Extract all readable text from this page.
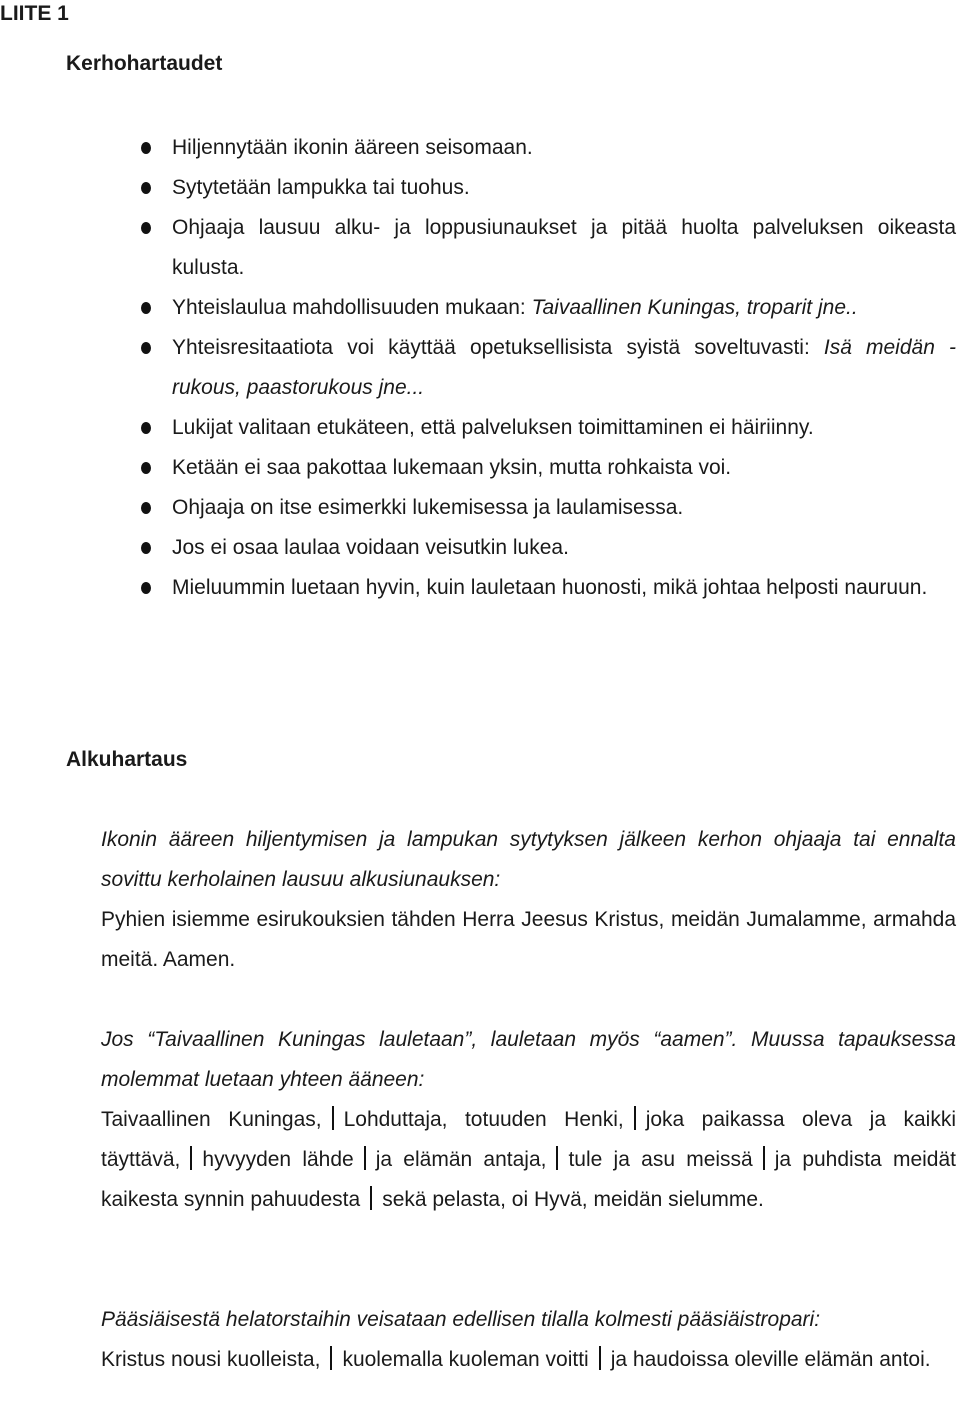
LIITE 1
Kerhohartaudet
Hiljennytään ikonin ääreen seisomaan.
Sytytetään lampukka tai tuohus.
Ohjaaja lausuu alku- ja loppusiunaukset ja pitää huolta palveluksen oikeasta kulusta.
Yhteislaulua mahdollisuuden mukaan: Taivaallinen Kuningas, troparit jne..
Yhteisresitaatiota voi käyttää opetuksellisista syistä soveltuvasti: Isä meidän -rukous, paastorukous jne...
Lukijat valitaan etukäteen, että palveluksen toimittaminen ei häiriinny.
Ketään ei saa pakottaa lukemaan yksin, mutta rohkaista voi.
Ohjaaja on itse esimerkki lukemisessa ja laulamisessa.
Jos ei osaa laulaa voidaan veisutkin lukea.
Mieluummin luetaan hyvin, kuin lauletaan huonosti, mikä johtaa helposti nauruun.
Alkuhartaus

Ikonin ääreen hiljentymisen ja lampukan sytytyksen jälkeen kerhon ohjaaja tai ennalta sovittu kerholainen lausuu alkusiunauksen:
Pyhien isiemme esirukouksien tähden Herra Jeesus Kristus, meidän Jumalamme, armahda meitä. Aamen.

Jos “Taivaallinen Kuningas lauletaan”, lauletaan myös “aamen”. Muussa tapauksessa molemmat luetaan yhteen ääneen:
Taivaallinen Kuningas, Lohduttaja, totuuden Henki, joka paikassa oleva ja kaikki täyttävä, hyvyyden lähde ja elämän antaja, tule ja asu meissä ja puhdista meidät kaikesta synnin pahuudesta sekä pelasta, oi Hyvä, meidän sielumme.

Pääsiäisestä helatorstaihin veisataan edellisen tilalla kolmesti pääsiäistropari:
Kristus nousi kuolleista, kuolemalla kuoleman voitti ja haudoissa oleville elämän antoi.
